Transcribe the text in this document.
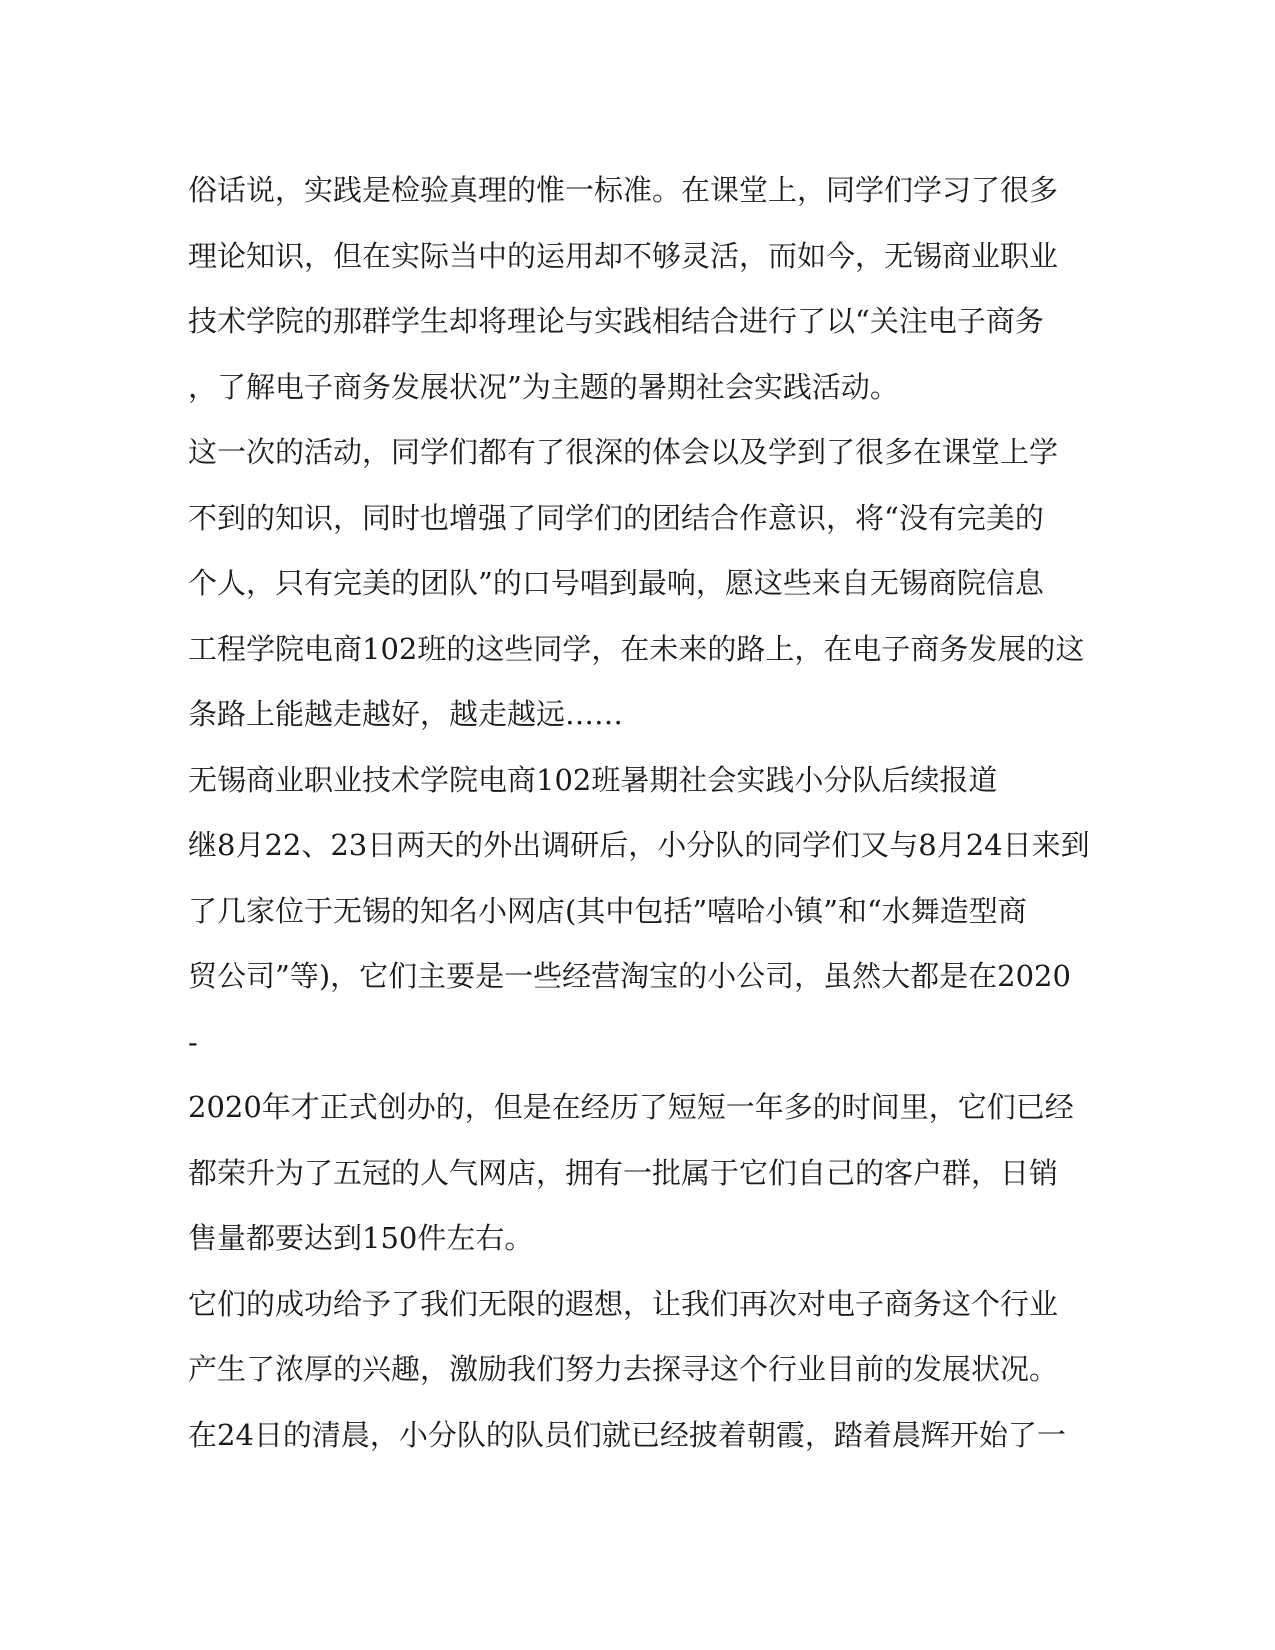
俗话说，实践是检验真理的惟一标准。在课堂上，同学们学习了很多
理论知识，但在实际当中的运用却不够灵活，而如今，无锡商业职业
技术学院的那群学生却将理论与实践相结合进行了以“关注电子商务
，了解电子商务发展状况”为主题的暑期社会实践活动。
这一次的活动，同学们都有了很深的体会以及学到了很多在课堂上学
不到的知识，同时也增强了同学们的团结合作意识，将“没有完美的
个人，只有完美的团队”的口号唱到最响，愿这些来自无锡商院信息
工程学院电商102班的这些同学，在未来的路上，在电子商务发展的这
条路上能越走越好，越走越远……
无锡商业职业技术学院电商102班暑期社会实践小分队后续报道
继8月22、23日两天的外出调研后，小分队的同学们又与8月24日来到
了几家位于无锡的知名小网店(其中包括”嘻哈小镇”和“水舞造型商
贸公司”等)，它们主要是一些经营淘宝的小公司，虽然大都是在2020
-
2020年才正式创办的，但是在经历了短短一年多的时间里，它们已经
都荣升为了五冠的人气网店，拥有一批属于它们自己的客户群，日销
售量都要达到150件左右。
它们的成功给予了我们无限的遐想，让我们再次对电子商务这个行业
产生了浓厚的兴趣，激励我们努力去探寻这个行业目前的发展状况。
在24日的清晨，小分队的队员们就已经披着朝霞，踏着晨辉开始了一
